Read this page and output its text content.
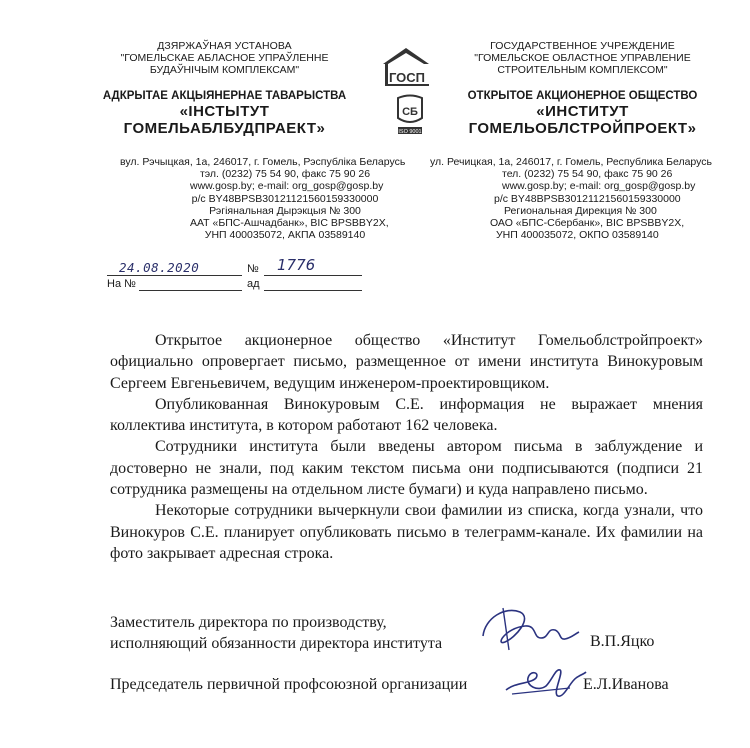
ДЗЯРЖАЎНАЯ УСТАНОВА
"ГОМЕЛЬСКАЕ АБЛАСНОЕ УПРАЎЛЕННЕ
БУДАЎНІЧЫМ КОМПЛЕКСАМ"
АДКРЫТАЕ АКЦЫЯНЕРНАЕ ТАВАРЫСТВА
«ІНСТЫТУТ
ГОМЕЛЬАБЛБУДПРАЕКТ»
ГОСУДАРСТВЕННОЕ УЧРЕЖДЕНИЕ
"ГОМЕЛЬСКОЕ ОБЛАСТНОЕ УПРАВЛЕНИЕ
СТРОИТЕЛЬНЫМ КОМПЛЕКСОМ"
ОТКРЫТОЕ АКЦИОНЕРНОЕ ОБЩЕСТВО
«ИНСТИТУТ
ГОМЕЛЬОБЛСТРОЙПРОЕКТ»
ГОСП
СБ
ISO 9001
вул. Рэчыцкая, 1а, 246017, г. Гомель, Рэспубліка Беларусь
тэл. (0232) 75 54 90, факс 75 90 26
www.gosp.by; e-mail: org_gosp@gosp.by
р/с BY48BPSB30121121560159330000
Рэгіянальная Дырэкцыя № 300
ААТ «БПС-Ашчадбанк», BIC BPSBBY2X,
УНП 400035072, АКПА 03589140
ул. Речицкая, 1а, 246017, г. Гомель, Республика Беларусь
тел. (0232) 75 54 90, факс 75 90 26
www.gosp.by; e-mail: org_gosp@gosp.by
р/с BY48BPSB30121121560159330000
Региональная Дирекция № 300
ОАО «БПС-Сбербанк», BIC BPSBBY2X,
УНП 400035072, ОКПО 03589140
24.08.2020	№ 1776
На №	ад

Открытое акционерное общество «Институт Гомельоблстройпроект» официально опровергает письмо, размещенное от имени института Винокуровым Сергеем Евгеньевичем, ведущим инженером-проектировщиком.

Опубликованная Винокуровым С.Е. информация не выражает мнения коллектива института, в котором работают 162 человека.

Сотрудники института были введены автором письма в заблуждение и достоверно не знали, под каким текстом письма они подписываются (подписи 21 сотрудника размещены на отдельном листе бумаги) и куда направлено письмо.

Некоторые сотрудники вычеркнули свои фамилии из списка, когда узнали, что Винокуров С.Е. планирует опубликовать письмо в телеграмм-канале. Их фамилии на фото закрывает адресная строка.

Заместитель директора по производству,
исполняющий обязанности директора института	В.П.Яцко
Председатель первичной профсоюзной организации	Е.Л.Иванова
